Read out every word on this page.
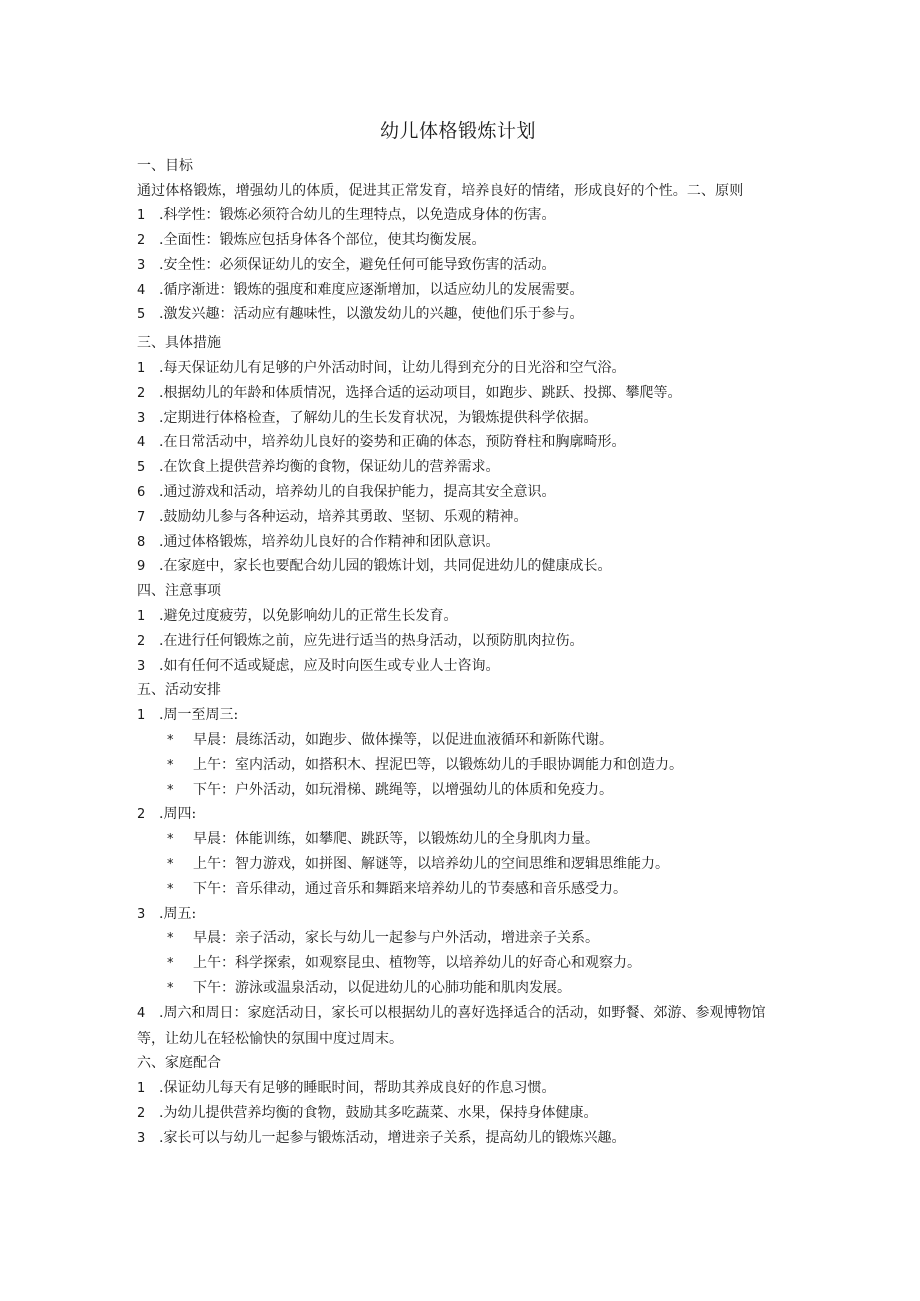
幼儿体格锻炼计划
一、目标
通过体格锻炼，增强幼儿的体质，促进其正常发育，培养良好的情绪，形成良好的个性。二、原则
1 .科学性：锻炼必须符合幼儿的生理特点，以免造成身体的伤害。
2 .全面性：锻炼应包括身体各个部位，使其均衡发展。
3 .安全性：必须保证幼儿的安全，避免任何可能导致伤害的活动。
4 .循序渐进：锻炼的强度和难度应逐渐增加，以适应幼儿的发展需要。
5 .激发兴趣：活动应有趣味性，以激发幼儿的兴趣，使他们乐于参与。
三、具体措施
1 .每天保证幼儿有足够的户外活动时间，让幼儿得到充分的日光浴和空气浴。
2 .根据幼儿的年龄和体质情况，选择合适的运动项目，如跑步、跳跃、投掷、攀爬等。
3 .定期进行体格检查，了解幼儿的生长发育状况，为锻炼提供科学依据。
4 .在日常活动中，培养幼儿良好的姿势和正确的体态，预防脊柱和胸廓畸形。
5 .在饮食上提供营养均衡的食物，保证幼儿的营养需求。
6 .通过游戏和活动，培养幼儿的自我保护能力，提高其安全意识。
7 .鼓励幼儿参与各种运动，培养其勇敢、坚韧、乐观的精神。
8 .通过体格锻炼，培养幼儿良好的合作精神和团队意识。
9 .在家庭中，家长也要配合幼儿园的锻炼计划，共同促进幼儿的健康成长。
四、注意事项
1 .避免过度疲劳，以免影响幼儿的正常生长发育。
2 .在进行任何锻炼之前，应先进行适当的热身活动，以预防肌肉拉伤。
3 .如有任何不适或疑虑，应及时向医生或专业人士咨询。
五、活动安排
1 .周一至周三:
* 早晨：晨练活动，如跑步、做体操等，以促进血液循环和新陈代谢。
* 上午：室内活动，如搭积木、捏泥巴等，以锻炼幼儿的手眼协调能力和创造力。
* 下午：户外活动，如玩滑梯、跳绳等，以增强幼儿的体质和免疫力。
2 .周四:
* 早晨：体能训练，如攀爬、跳跃等，以锻炼幼儿的全身肌肉力量。
* 上午：智力游戏，如拼图、解谜等，以培养幼儿的空间思维和逻辑思维能力。
* 下午：音乐律动，通过音乐和舞蹈来培养幼儿的节奏感和音乐感受力。
3 .周五:
* 早晨：亲子活动，家长与幼儿一起参与户外活动，增进亲子关系。
* 上午：科学探索，如观察昆虫、植物等，以培养幼儿的好奇心和观察力。
* 下午：游泳或温泉活动，以促进幼儿的心肺功能和肌肉发展。
4 .周六和周日：家庭活动日，家长可以根据幼儿的喜好选择适合的活动，如野餐、郊游、参观博物馆等，让幼儿在轻松愉快的氛围中度过周末。
六、家庭配合
1 .保证幼儿每天有足够的睡眠时间，帮助其养成良好的作息习惯。
2 .为幼儿提供营养均衡的食物，鼓励其多吃蔬菜、水果，保持身体健康。
3 .家长可以与幼儿一起参与锻炼活动，增进亲子关系，提高幼儿的锻炼兴趣。
